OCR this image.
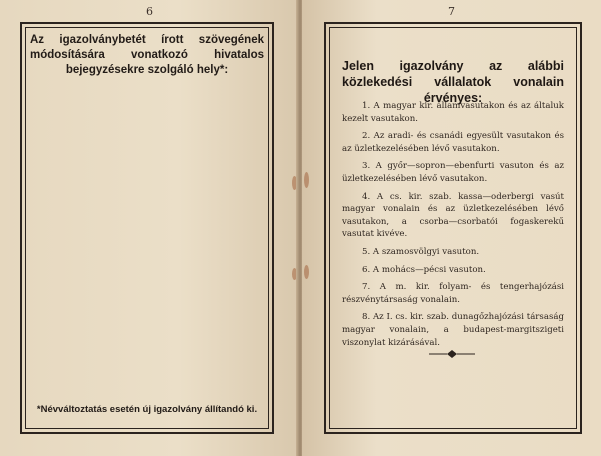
6
Az igazolványbetét írott szövegének módosítására vonatkozó hivatalos bejegyzésekre szolgáló hely*:
*Névváltoztatás esetén új igazolvány állítandó ki.
7
Jelen igazolvány az alábbi közlekedési vállalatok vonalain érvényes:

1. A magyar kir. államvasutakon és az általuk kezelt vasutakon.

2. Az aradi- és csanádi egyesült vasutakon és az üzletkezelésében lévő vasutakon.

3. A győr—sopron—ebenfurti vasuton és az üzletkezelésében lévő vasutakon.

4. A cs. kir. szab. kassa—oderbergi vasút magyar vonalain és az üzletkezelésében lévő vasutakon, a csorba—csorbatói fogaskerekű vasutat kivéve.

5. A szamosvölgyi vasuton.

6. A mohács—pécsi vasuton.

7. A m. kir. folyam- és tengerhajózási részvénytársaság vonalain.

8. Az I. cs. kir. szab. dunagőzhajózási társaság magyar vonalain, a budapest-margitszigeti viszonylat kizárásával.
